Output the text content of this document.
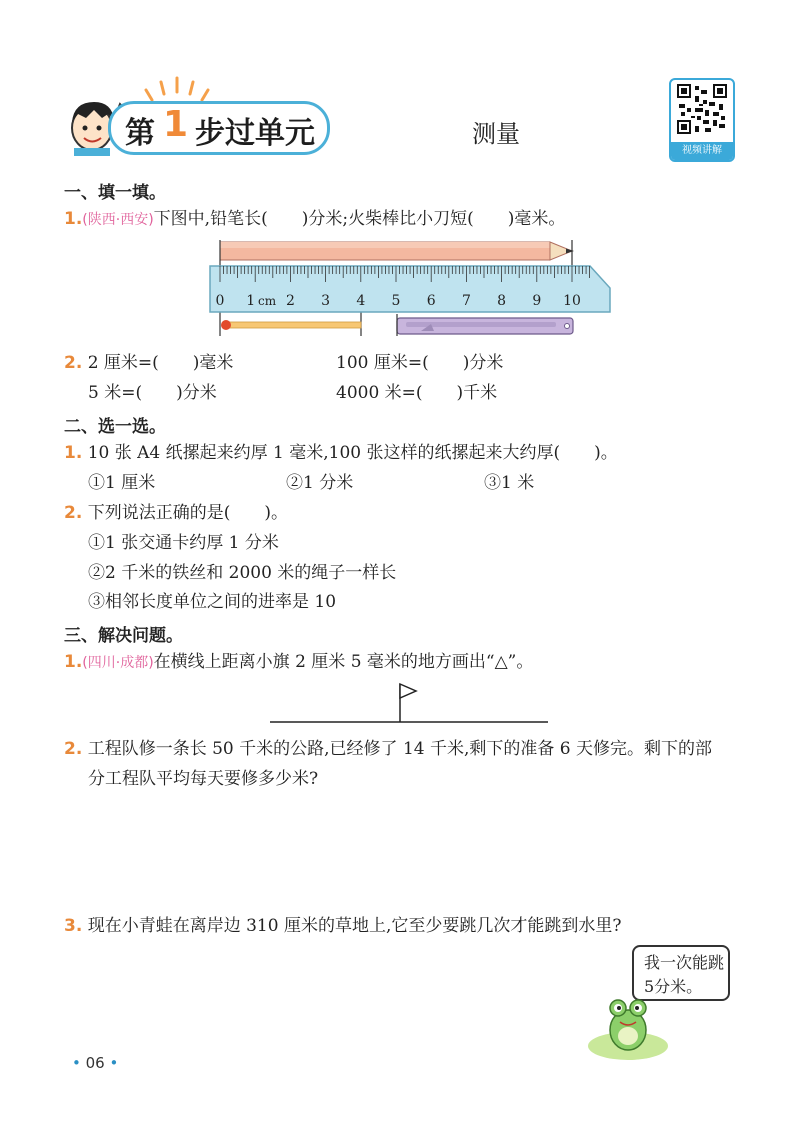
第 1 步过单元	测量
视频讲解
一、填一填。
1.(陕西·西安)下图中,铅笔长(　　)分米;火柴棒比小刀短(　　)毫米。
0 1 2 3 4 5 6 7 8 9 10
cm
2. 2 厘米=(　　)毫米	100 厘米=(　　)分米
5 米=(　　)分米	4000 米=(　　)千米
二、选一选。
1. 10 张 A4 纸摞起来约厚 1 毫米,100 张这样的纸摞起来大约厚(　　)。
①1 厘米	②1 分米	③1 米
2. 下列说法正确的是(　　)。
①1 张交通卡约厚 1 分米
②2 千米的铁丝和 2000 米的绳子一样长
③相邻长度单位之间的进率是 10
三、解决问题。
1.(四川·成都)在横线上距离小旗 2 厘米 5 毫米的地方画出“△”。
2. 工程队修一条长 50 千米的公路,已经修了 14 千米,剩下的准备 6 天修完。剩下的部
分工程队平均每天要修多少米?
3. 现在小青蛙在离岸边 310 厘米的草地上,它至少要跳几次才能跳到水里?
我一次能跳
5分米。
• 06 •
